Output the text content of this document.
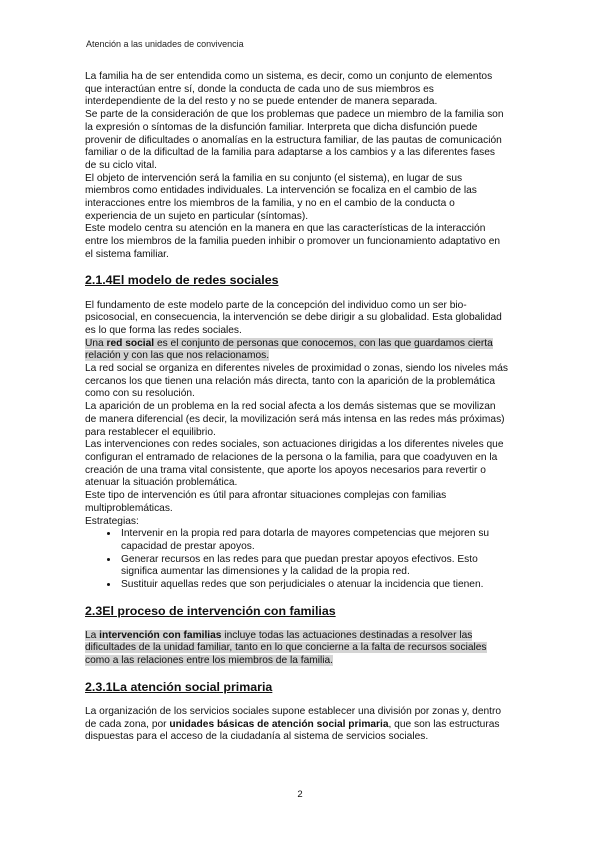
Atención a las unidades de convivencia

La familia ha de ser entendida como un sistema, es decir, como un conjunto de elementos que interactúan entre sí, donde la conducta de cada uno de sus miembros es interdependiente de la del resto y no se puede entender de manera separada.

Se parte de la consideración de que los problemas que padece un miembro de la familia son la expresión o síntomas de la disfunción familiar. Interpreta que dicha disfunción puede provenir de dificultades o anomalías en la estructura familiar, de las pautas de comunicación familiar o de la dificultad de la familia para adaptarse a los cambios y a las diferentes fases de su ciclo vital.

El objeto de intervención será la familia en su conjunto (el sistema), en lugar de sus miembros como entidades individuales. La intervención se focaliza en el cambio de las interacciones entre los miembros de la familia, y no en el cambio de la conducta o experiencia de un sujeto en particular (síntomas).

Este modelo centra su atención en la manera en que las características de la interacción entre los miembros de la familia pueden inhibir o promover un funcionamiento adaptativo en el sistema familiar.

2.1.4El modelo de redes sociales

El fundamento de este modelo parte de la concepción del individuo como un ser bio-psicosocial, en consecuencia, la intervención se debe dirigir a su globalidad. Esta globalidad es lo que forma las redes sociales.

Una red social es el conjunto de personas que conocemos, con las que guardamos cierta relación y con las que nos relacionamos.

La red social se organiza en diferentes niveles de proximidad o zonas, siendo los niveles más cercanos los que tienen una relación más directa, tanto con la aparición de la problemática como con su resolución.

La aparición de un problema en la red social afecta a los demás sistemas que se movilizan de manera diferencial (es decir, la movilización será más intensa en las redes más próximas) para restablecer el equilibrio.

Las intervenciones con redes sociales, son actuaciones dirigidas a los diferentes niveles que configuran el entramado de relaciones de la persona o la familia, para que coadyuven en la creación de una trama vital consistente, que aporte los apoyos necesarios para revertir o atenuar la situación problemática.

Este tipo de intervención es útil para afrontar situaciones complejas con familias multiproblemáticas.

Estrategias:

• Intervenir en la propia red para dotarla de mayores competencias que mejoren su capacidad de prestar apoyos.
• Generar recursos en las redes para que puedan prestar apoyos efectivos. Esto significa aumentar las dimensiones y la calidad de la propia red.
• Sustituir aquellas redes que son perjudiciales o atenuar la incidencia que tienen.
2.3El proceso de intervención con familias

La intervención con familias incluye todas las actuaciones destinadas a resolver las dificultades de la unidad familiar, tanto en lo que concierne a la falta de recursos sociales como a las relaciones entre los miembros de la familia.

2.3.1La atención social primaria

La organización de los servicios sociales supone establecer una división por zonas y, dentro de cada zona, por unidades básicas de atención social primaria, que son las estructuras dispuestas para el acceso de la ciudadanía al sistema de servicios sociales.

2
